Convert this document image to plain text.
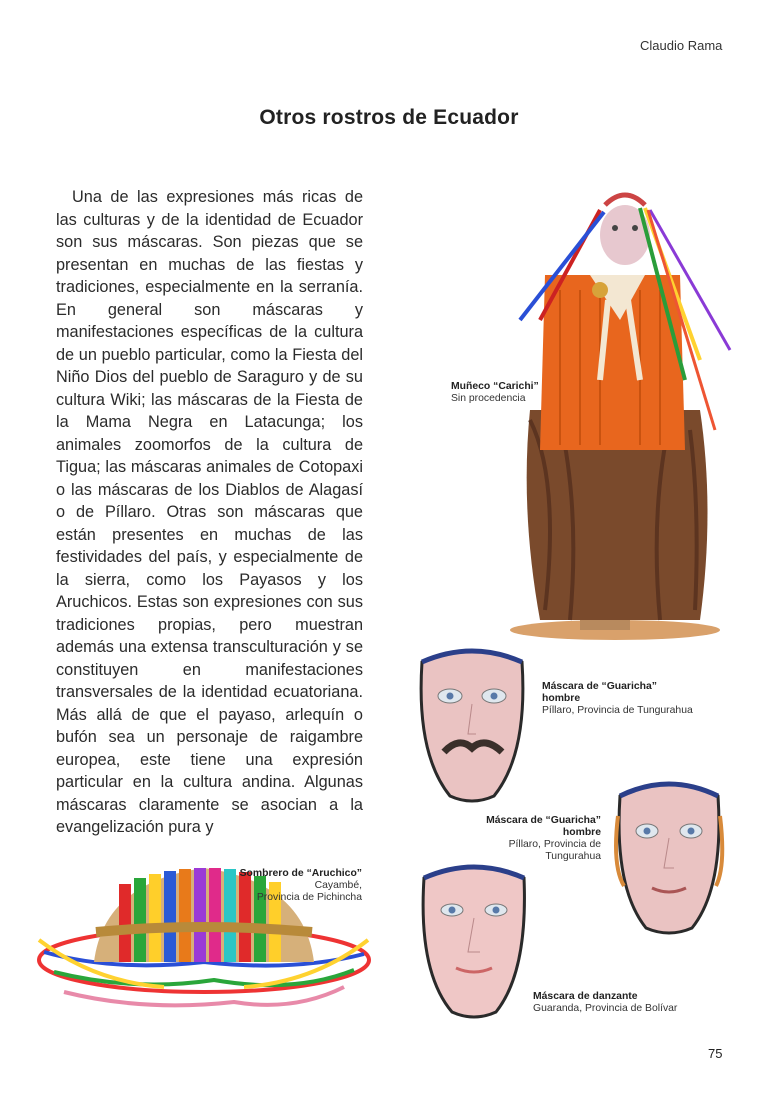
Claudio Rama
Otros rostros de Ecuador
Una de las expresiones más ricas de las culturas y de la identidad de Ecuador son sus máscaras. Son piezas que se presentan en muchas de las fiestas y tradiciones, especialmente en la serranía. En general son máscaras y manifestaciones específicas de la cultura de un pueblo particular, como la Fiesta del Niño Dios del pueblo de Saraguro y de su cultura Wiki; las máscaras de la Fiesta de la Mama Negra en Latacunga; los animales zoomorfos de la cultura de Tigua; las máscaras animales de Cotopaxi o las máscaras de los Diablos de Alagasí o de Píllaro. Otras son máscaras que están presentes en muchas de las festividades del país, y especialmente de la sierra, como los Payasos y los Aruchicos. Estas son expresiones con sus tradiciones propias, pero muestran además una extensa transculturación y se constituyen en manifestaciones transversales de la identidad ecuatoriana. Más allá de que el payaso, arlequín o bufón sea un personaje de raigambre europea, este tiene una expresión particular en la cultura andina. Algunas máscaras claramente se asocian a la evangelización pura y
Muñeco “Carichi”
Sin procedencia
Máscara de “Guaricha”
hombre
Píllaro, Provincia de Tungurahua
Máscara de “Guaricha”
hombre
Píllaro, Provincia de
Tungurahua
Máscara de danzante
Guaranda, Provincia de Bolívar
Sombrero de “Aruchico”
Cayambé,
Provincia de Pichincha
75
